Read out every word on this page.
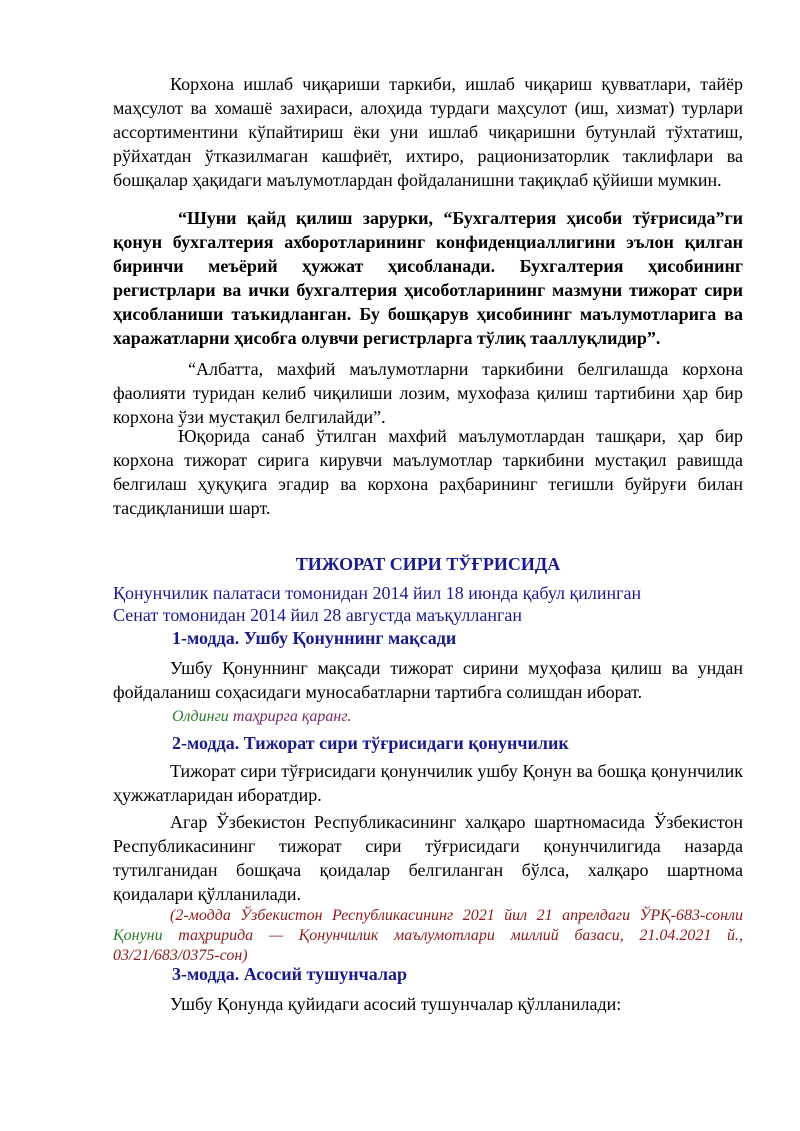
Корхона ишлаб чиқариши таркиби, ишлаб чиқариш қувватлари, тайёр маҳсулот ва хомашё захираси, алоҳида турдаги маҳсулот (иш, хизмат) турлари ассортиментини кўпайтириш ёки уни ишлаб чиқаришни бутунлай тўхтатиш, рўйхатдан ўтказилмаган кашфиёт, ихтиро, рационизаторлик таклифлари ва бошқалар ҳақидаги маълумотлардан фойдаланишни тақиқлаб қўйиши мумкин.

“Шуни қайд қилиш зарурки, “Бухгалтерия ҳисоби тўғрисида”ги қонун бухгалтерия ахборотларининг конфиденциаллигини эълон қилган биринчи меъёрий ҳужжат ҳисобланади. Бухгалтерия ҳисобининг регистрлари ва ички бухгалтерия ҳисоботларининг мазмуни тижорат сири ҳисобланиши таъкидланган. Бу бошқарув ҳисобининг маълумотларига ва харажатларни ҳисобга олувчи регистрларга тўлиқ тааллуқлидир”.

“Албатта, махфий маълумотларни таркибини белгилашда корхона фаолияти туридан келиб чиқилиши лозим, мухофаза қилиш тартибини ҳар бир корхона ўзи мустақил белгилайди”.

Юқорида санаб ўтилган махфий маълумотлардан ташқари, ҳар бир корхона тижорат сирига кирувчи маълумотлар таркибини мустақил равишда белгилаш ҳуқуқига эгадир ва корхона раҳбарининг тегишли буйруғи билан тасдиқланиши шарт.

ТИЖОРАТ СИРИ ТЎҒРИСИДА

Қонунчилик палатаси томонидан 2014 йил 18 июнда қабул қилинган

Сенат томонидан 2014 йил 28 августда маъқулланган

1-модда. Ушбу Қонуннинг мақсади

Ушбу Қонуннинг мақсади тижорат сирини муҳофаза қилиш ва ундан фойдаланиш соҳасидаги муносабатларни тартибга солишдан иборат.

Олдинги таҳрирга қаранг.

2-модда. Тижорат сири тўғрисидаги қонунчилик

Тижорат сири тўғрисидаги қонунчилик ушбу Қонун ва бошқа қонунчилик ҳужжатларидан иборатдир.

Агар Ўзбекистон Республикасининг халқаро шартномасида Ўзбекистон Республикасининг тижорат сири тўғрисидаги қонунчилигида назарда тутилганидан бошқача қоидалар белгиланган бўлса, халқаро шартнома қоидалари қўлланилади.

(2-модда Ўзбекистон Республикасининг 2021 йил 21 апрелдаги ЎРҚ-683-сонли Қонуни таҳририда — Қонунчилик маълумотлари миллий базаси, 21.04.2021 й., 03/21/683/0375-сон)

3-модда. Асосий тушунчалар

Ушбу Қонунда қуйидаги асосий тушунчалар қўлланилади:
